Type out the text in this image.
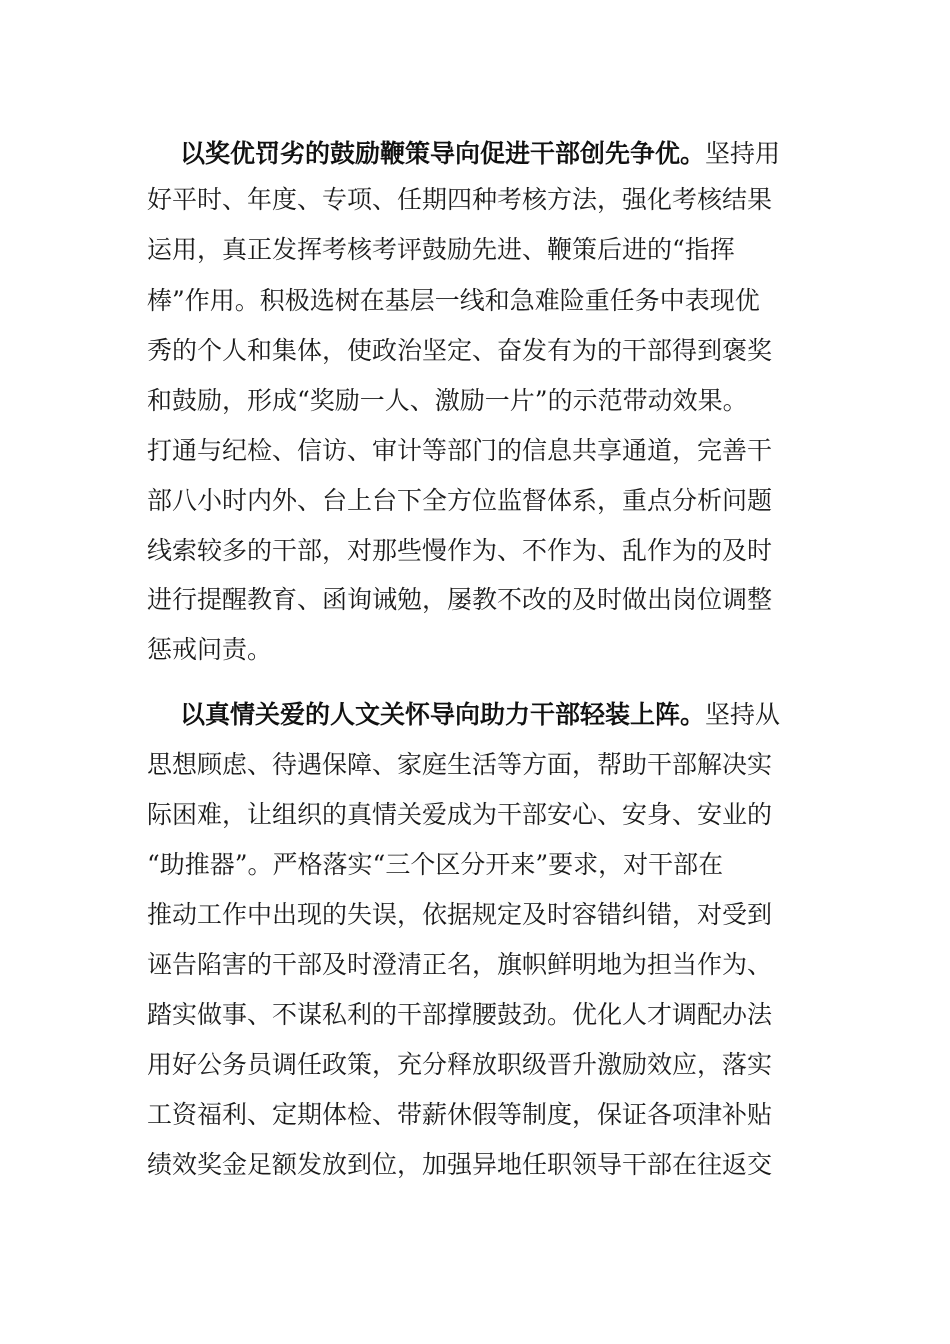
以奖优罚劣的鼓励鞭策导向促进干部创先争优。坚持用
好平时、年度、专项、任期四种考核方法，强化考核结果
运用，真正发挥考核考评鼓励先进、鞭策后进的“指挥
棒”作用。积极选树在基层一线和急难险重任务中表现优
秀的个人和集体，使政治坚定、奋发有为的干部得到褒奖
和鼓励，形成“奖励一人、激励一片”的示范带动效果。
打通与纪检、信访、审计等部门的信息共享通道，完善干
部八小时内外、台上台下全方位监督体系，重点分析问题
线索较多的干部，对那些慢作为、不作为、乱作为的及时
进行提醒教育、函询诫勉，屡教不改的及时做出岗位调整
惩戒问责。
以真情关爱的人文关怀导向助力干部轻装上阵。坚持从
思想顾虑、待遇保障、家庭生活等方面，帮助干部解决实
际困难，让组织的真情关爱成为干部安心、安身、安业的
“助推器”。严格落实“三个区分开来”要求，对干部在
推动工作中出现的失误，依据规定及时容错纠错，对受到
诬告陷害的干部及时澄清正名，旗帜鲜明地为担当作为、
踏实做事、不谋私利的干部撑腰鼓劲。优化人才调配办法
用好公务员调任政策，充分释放职级晋升激励效应，落实
工资福利、定期体检、带薪休假等制度，保证各项津补贴
绩效奖金足额发放到位，加强异地任职领导干部在往返交
